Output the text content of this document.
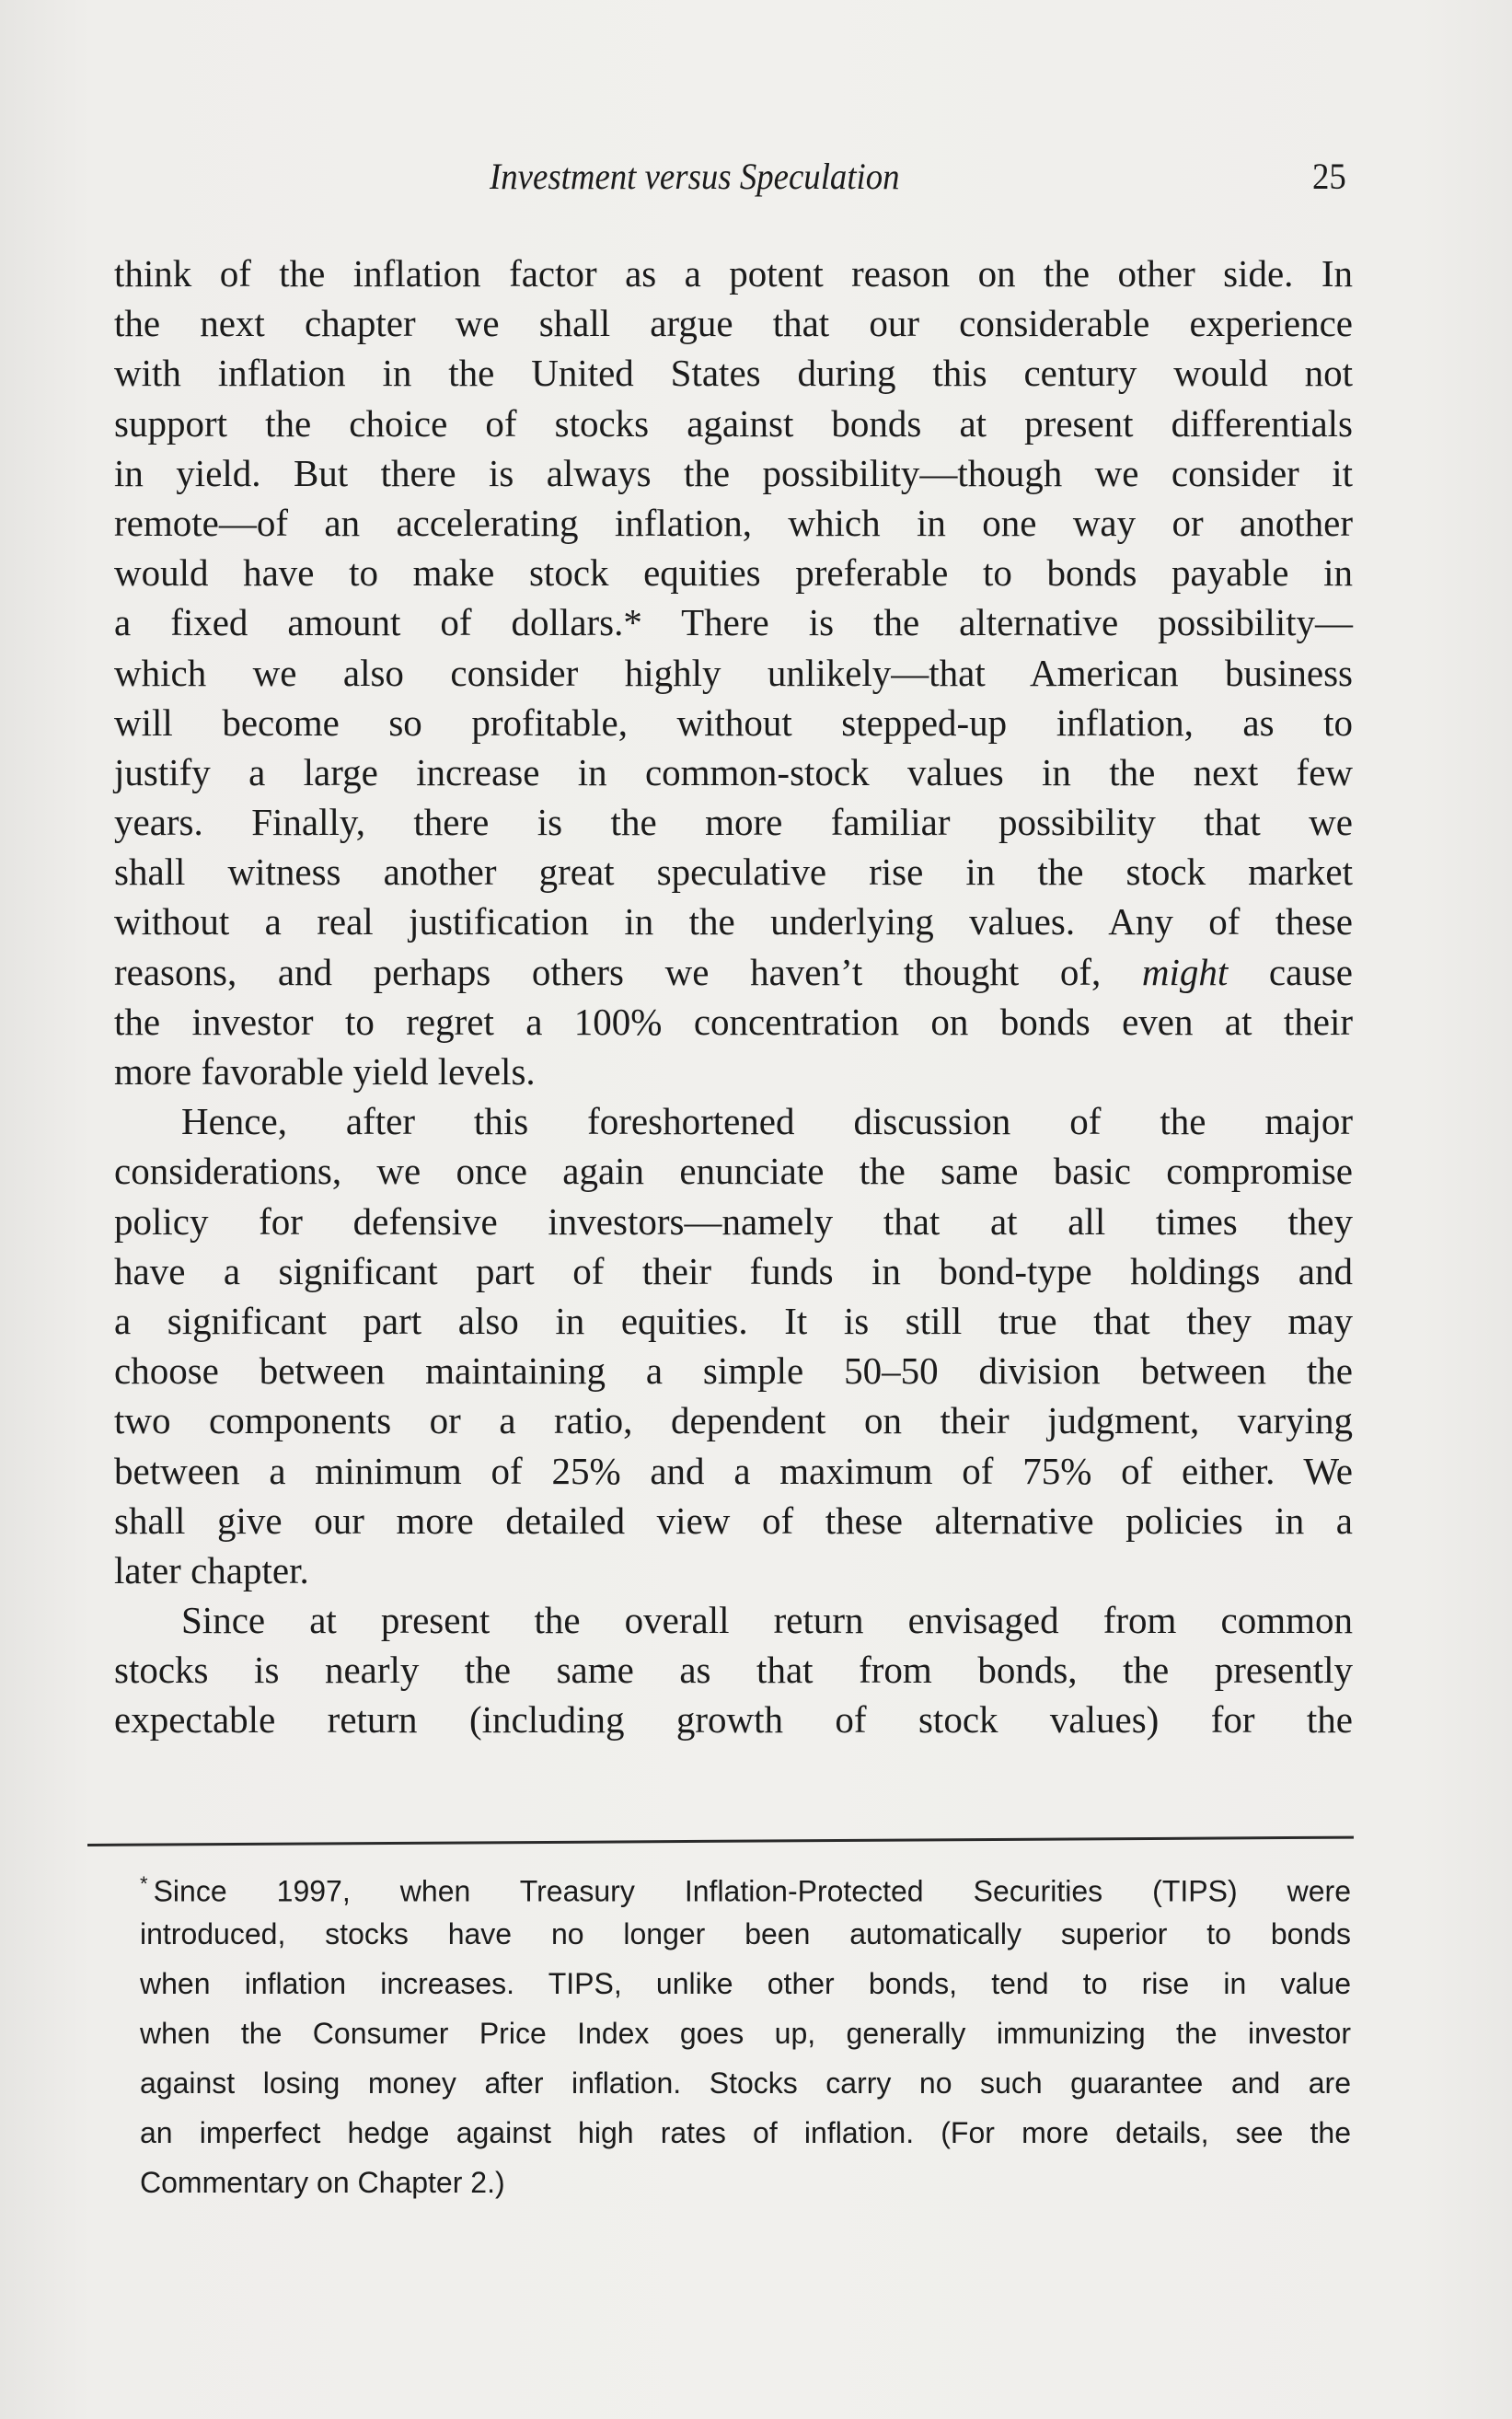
Investment versus Speculation	25
think of the inflation factor as a potent reason on the other side. In
the next chapter we shall argue that our considerable experience
with inflation in the United States during this century would not
support the choice of stocks against bonds at present differentials
in yield. But there is always the possibility—though we consider it
remote—of an accelerating inflation, which in one way or another
would have to make stock equities preferable to bonds payable in
a fixed amount of dollars.* There is the alternative possibility—
which we also consider highly unlikely—that American business
will become so profitable, without stepped-up inflation, as to
justify a large increase in common-stock values in the next few
years. Finally, there is the more familiar possibility that we
shall witness another great speculative rise in the stock market
without a real justification in the underlying values. Any of these
reasons, and perhaps others we haven’t thought of, might cause
the investor to regret a 100% concentration on bonds even at their
more favorable yield levels.
Hence, after this foreshortened discussion of the major
considerations, we once again enunciate the same basic compromise
policy for defensive investors—namely that at all times they
have a significant part of their funds in bond-type holdings and
a significant part also in equities. It is still true that they may
choose between maintaining a simple 50–50 division between the
two components or a ratio, dependent on their judgment, varying
between a minimum of 25% and a maximum of 75% of either. We
shall give our more detailed view of these alternative policies in a
later chapter.
Since at present the overall return envisaged from common
stocks is nearly the same as that from bonds, the presently
expectable return (including growth of stock values) for the
* Since 1997, when Treasury Inflation-Protected Securities (TIPS) were
introduced, stocks have no longer been automatically superior to bonds
when inflation increases. TIPS, unlike other bonds, tend to rise in value
when the Consumer Price Index goes up, generally immunizing the investor
against losing money after inflation. Stocks carry no such guarantee and are
an imperfect hedge against high rates of inflation. (For more details, see the
Commentary on Chapter 2.)
